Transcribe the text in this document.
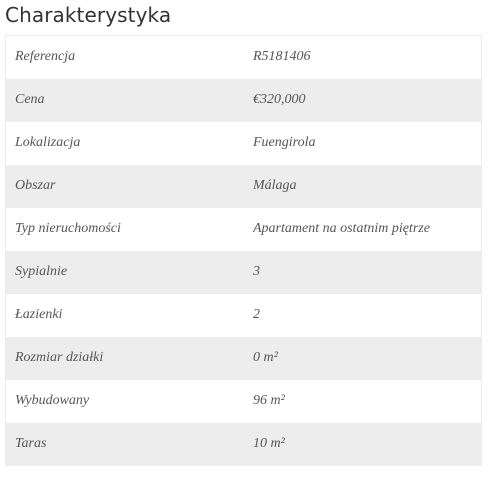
Charakterystyka
Referencja	R5181406
Cena	€320,000
Lokalizacja	Fuengirola
Obszar	Málaga
Typ nieruchomości	Apartament na ostatnim piętrze
Sypialnie	3
Łazienki	2
Rozmiar działki	0 m²
Wybudowany	96 m²
Taras	10 m²
